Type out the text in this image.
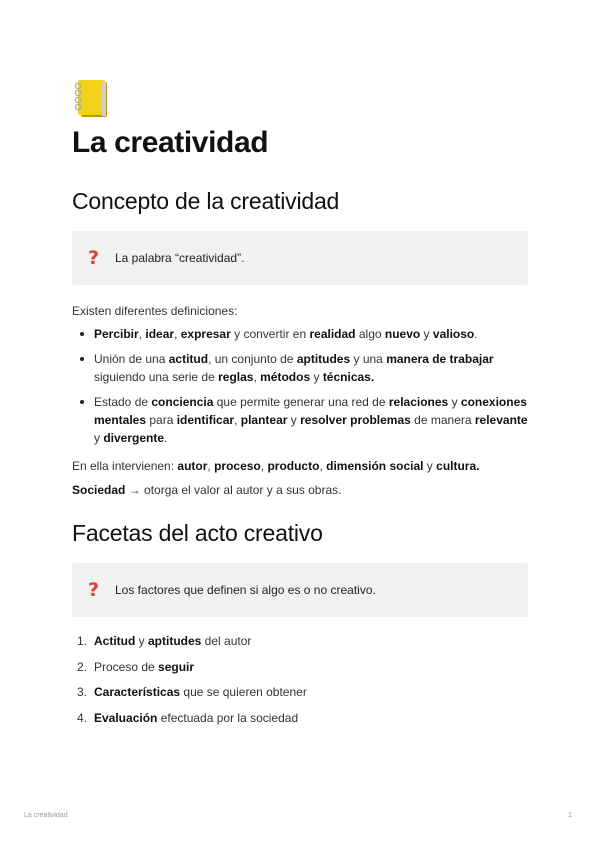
La creatividad
Concepto de la creatividad
? La palabra “creatividad”.

Existen diferentes definiciones:

Percibir, idear, expresar y convertir en realidad algo nuevo y valioso.
Unión de una actitud, un conjunto de aptitudes y una manera de trabajar siguiendo una serie de reglas, métodos y técnicas.
Estado de conciencia que permite generar una red de relaciones y conexiones mentales para identificar, plantear y resolver problemas de manera relevante y divergente.

En ella intervienen: autor, proceso, producto, dimensión social y cultura.

Sociedad → otorga el valor al autor y a sus obras.

Facetas del acto creativo
? Los factores que definen si algo es o no creativo.
1. Actitud y aptitudes del autor
2. Proceso de seguir
3. Características que se quieren obtener
4. Evaluación efectuada por la sociedad
La creatividad	1
